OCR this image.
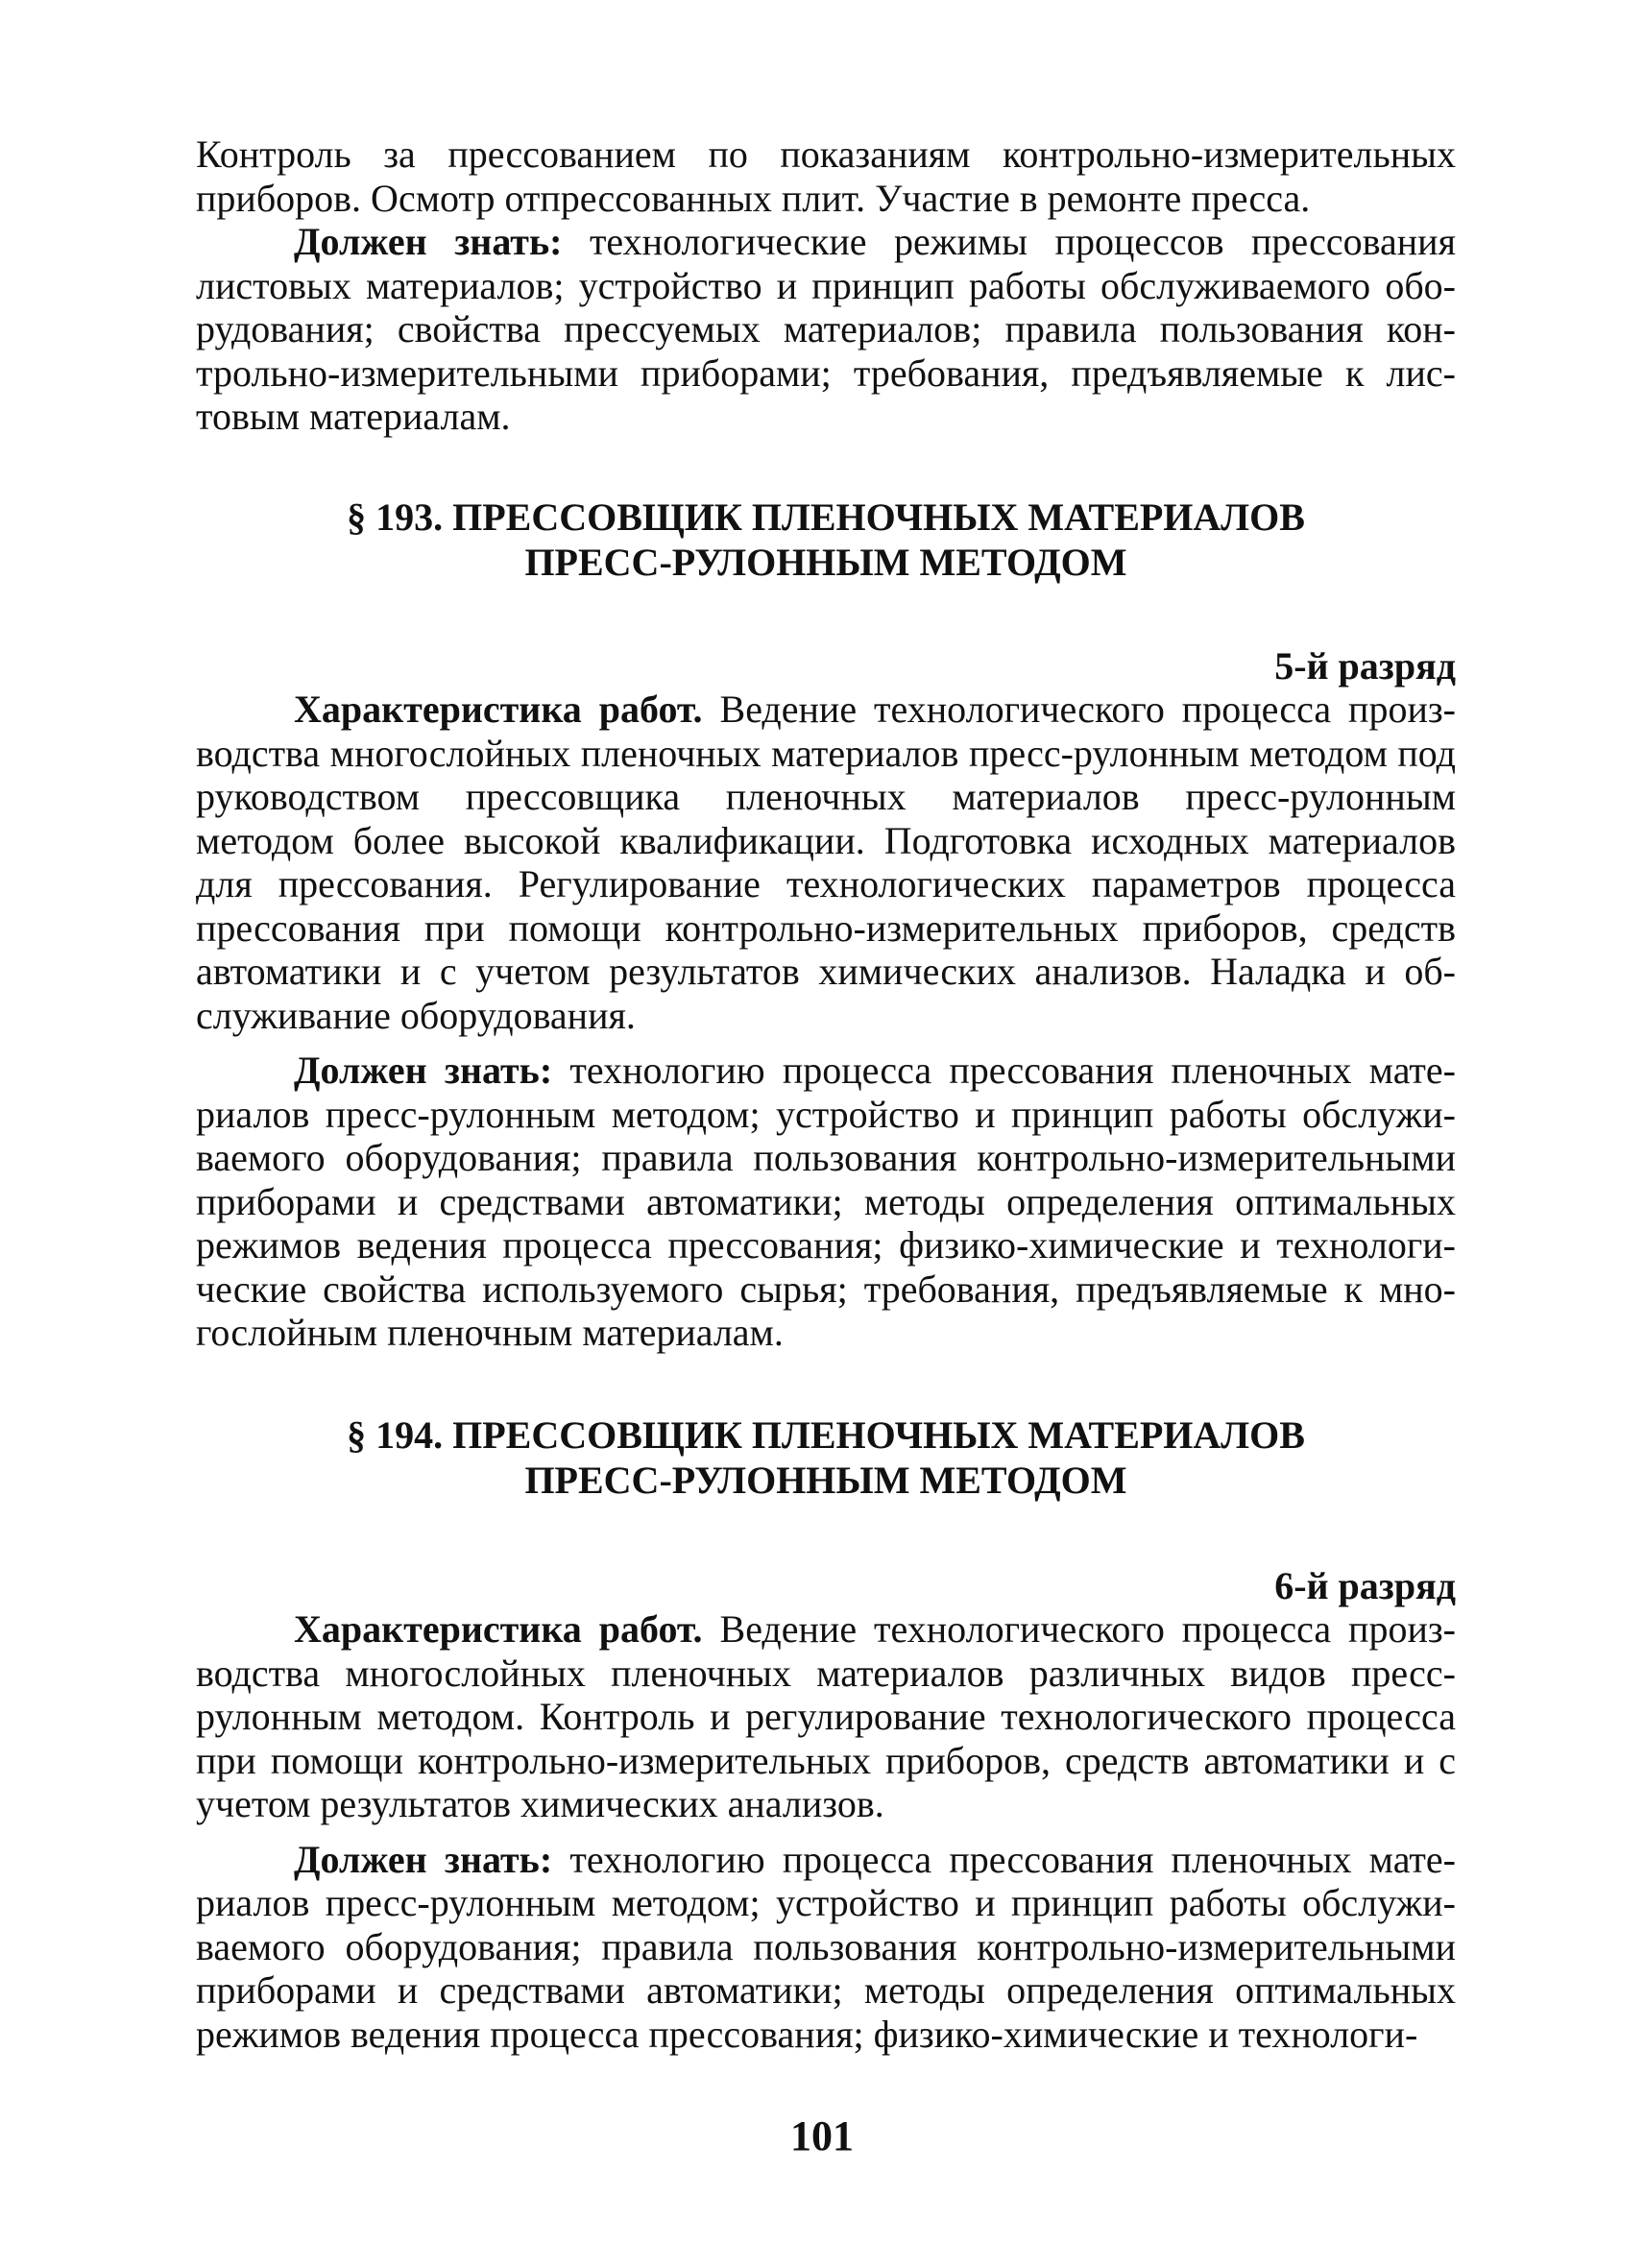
Контроль за прессованием по показаниям контрольно-измерительных приборов. Осмотр отпрессованных плит. Участие в ремонте пресса.

Должен знать: технологические режимы процессов прессования листовых материалов; устройство и принцип работы обслуживаемого оборудования; свойства прессуемых материалов; правила пользования контрольно-измерительными приборами; требования, предъявляемые к листовым материалам.

§ 193. ПРЕССОВЩИК ПЛЕНОЧНЫХ МАТЕРИАЛОВ
ПРЕСС-РУЛОННЫМ МЕТОДОМ

5-й разряд

Характеристика работ. Ведение технологического процесса производства многослойных пленочных материалов пресс-рулонным методом под руководством прессовщика пленочных материалов пресс-рулонным методом более высокой квалификации. Подготовка исходных материалов для прессования. Регулирование технологических параметров процесса прессования при помощи контрольно-измерительных приборов, средств автоматики и с учетом результатов химических анализов. Наладка и обслуживание оборудования.

Должен знать: технологию процесса прессования пленочных материалов пресс-рулонным методом; устройство и принцип работы обслуживаемого оборудования; правила пользования контрольно-измерительными приборами и средствами автоматики; методы определения оптимальных режимов ведения процесса прессования; физико-химические и технологические свойства используемого сырья; требования, предъявляемые к многослойным пленочным материалам.

§ 194. ПРЕССОВЩИК ПЛЕНОЧНЫХ МАТЕРИАЛОВ
ПРЕСС-РУЛОННЫМ МЕТОДОМ

6-й разряд

Характеристика работ. Ведение технологического процесса производства многослойных пленочных материалов различных видов прессрулонным методом. Контроль и регулирование технологического процесса при помощи контрольно-измерительных приборов, средств автоматики и с учетом результатов химических анализов.

Должен знать: технологию процесса прессования пленочных материалов пресс-рулонным методом; устройство и принцип работы обслуживаемого оборудования; правила пользования контрольно-измерительными приборами и средствами автоматики; методы определения оптимальных режимов ведения процесса прессования; физико-химические и технологи-

101
